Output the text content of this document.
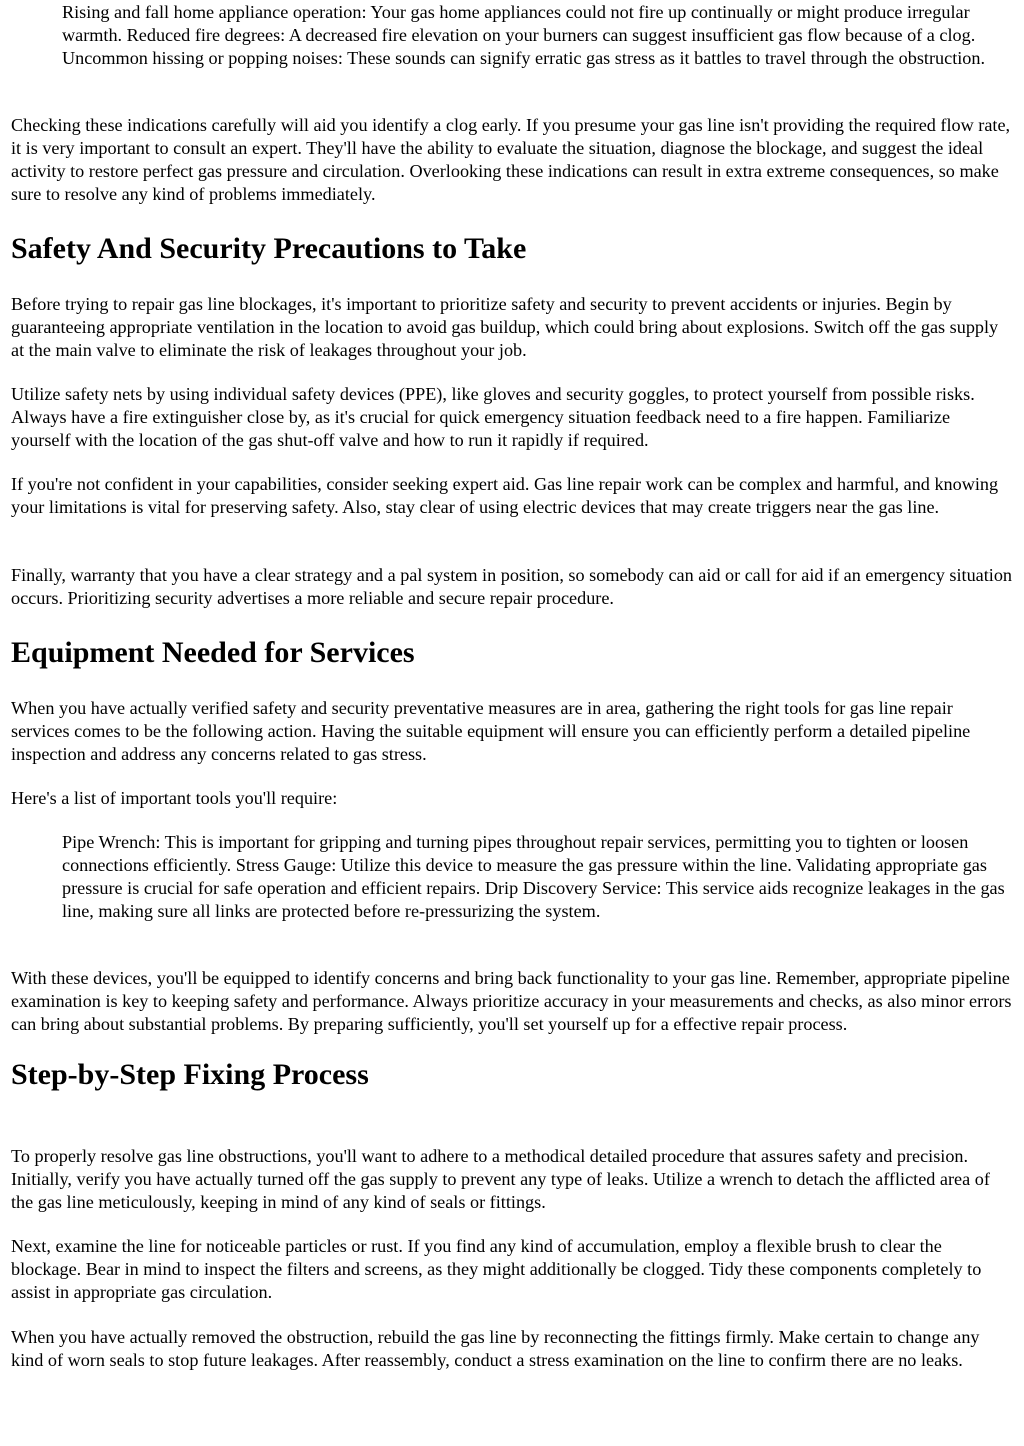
Rising and fall home appliance operation: Your gas home appliances could not fire up continually or might produce irregular warmth. Reduced fire degrees: A decreased fire elevation on your burners can suggest insufficient gas flow because of a clog. Uncommon hissing or popping noises: These sounds can signify erratic gas stress as it battles to travel through the obstruction.

Checking these indications carefully will aid you identify a clog early. If you presume your gas line isn't providing the required flow rate, it is very important to consult an expert. They'll have the ability to evaluate the situation, diagnose the blockage, and suggest the ideal activity to restore perfect gas pressure and circulation. Overlooking these indications can result in extra extreme consequences, so make sure to resolve any kind of problems immediately.

Safety And Security Precautions to Take

Before trying to repair gas line blockages, it's important to prioritize safety and security to prevent accidents or injuries. Begin by guaranteeing appropriate ventilation in the location to avoid gas buildup, which could bring about explosions. Switch off the gas supply at the main valve to eliminate the risk of leakages throughout your job.

Utilize safety nets by using individual safety devices (PPE), like gloves and security goggles, to protect yourself from possible risks. Always have a fire extinguisher close by, as it's crucial for quick emergency situation feedback need to a fire happen. Familiarize yourself with the location of the gas shut-off valve and how to run it rapidly if required.

If you're not confident in your capabilities, consider seeking expert aid. Gas line repair work can be complex and harmful, and knowing your limitations is vital for preserving safety. Also, stay clear of using electric devices that may create triggers near the gas line.

Finally, warranty that you have a clear strategy and a pal system in position, so somebody can aid or call for aid if an emergency situation occurs. Prioritizing security advertises a more reliable and secure repair procedure.

Equipment Needed for Services

When you have actually verified safety and security preventative measures are in area, gathering the right tools for gas line repair services comes to be the following action. Having the suitable equipment will ensure you can efficiently perform a detailed pipeline inspection and address any concerns related to gas stress.

Here's a list of important tools you'll require:

Pipe Wrench: This is important for gripping and turning pipes throughout repair services, permitting you to tighten or loosen connections efficiently. Stress Gauge: Utilize this device to measure the gas pressure within the line. Validating appropriate gas pressure is crucial for safe operation and efficient repairs. Drip Discovery Service: This service aids recognize leakages in the gas line, making sure all links are protected before re-pressurizing the system.

With these devices, you'll be equipped to identify concerns and bring back functionality to your gas line. Remember, appropriate pipeline examination is key to keeping safety and performance. Always prioritize accuracy in your measurements and checks, as also minor errors can bring about substantial problems. By preparing sufficiently, you'll set yourself up for a effective repair process.

Step-by-Step Fixing Process

To properly resolve gas line obstructions, you'll want to adhere to a methodical detailed procedure that assures safety and precision. Initially, verify you have actually turned off the gas supply to prevent any type of leaks. Utilize a wrench to detach the afflicted area of the gas line meticulously, keeping in mind of any kind of seals or fittings.

Next, examine the line for noticeable particles or rust. If you find any kind of accumulation, employ a flexible brush to clear the blockage. Bear in mind to inspect the filters and screens, as they might additionally be clogged. Tidy these components completely to assist in appropriate gas circulation.

When you have actually removed the obstruction, rebuild the gas line by reconnecting the fittings firmly. Make certain to change any kind of worn seals to stop future leakages. After reassembly, conduct a stress examination on the line to confirm there are no leaks.
